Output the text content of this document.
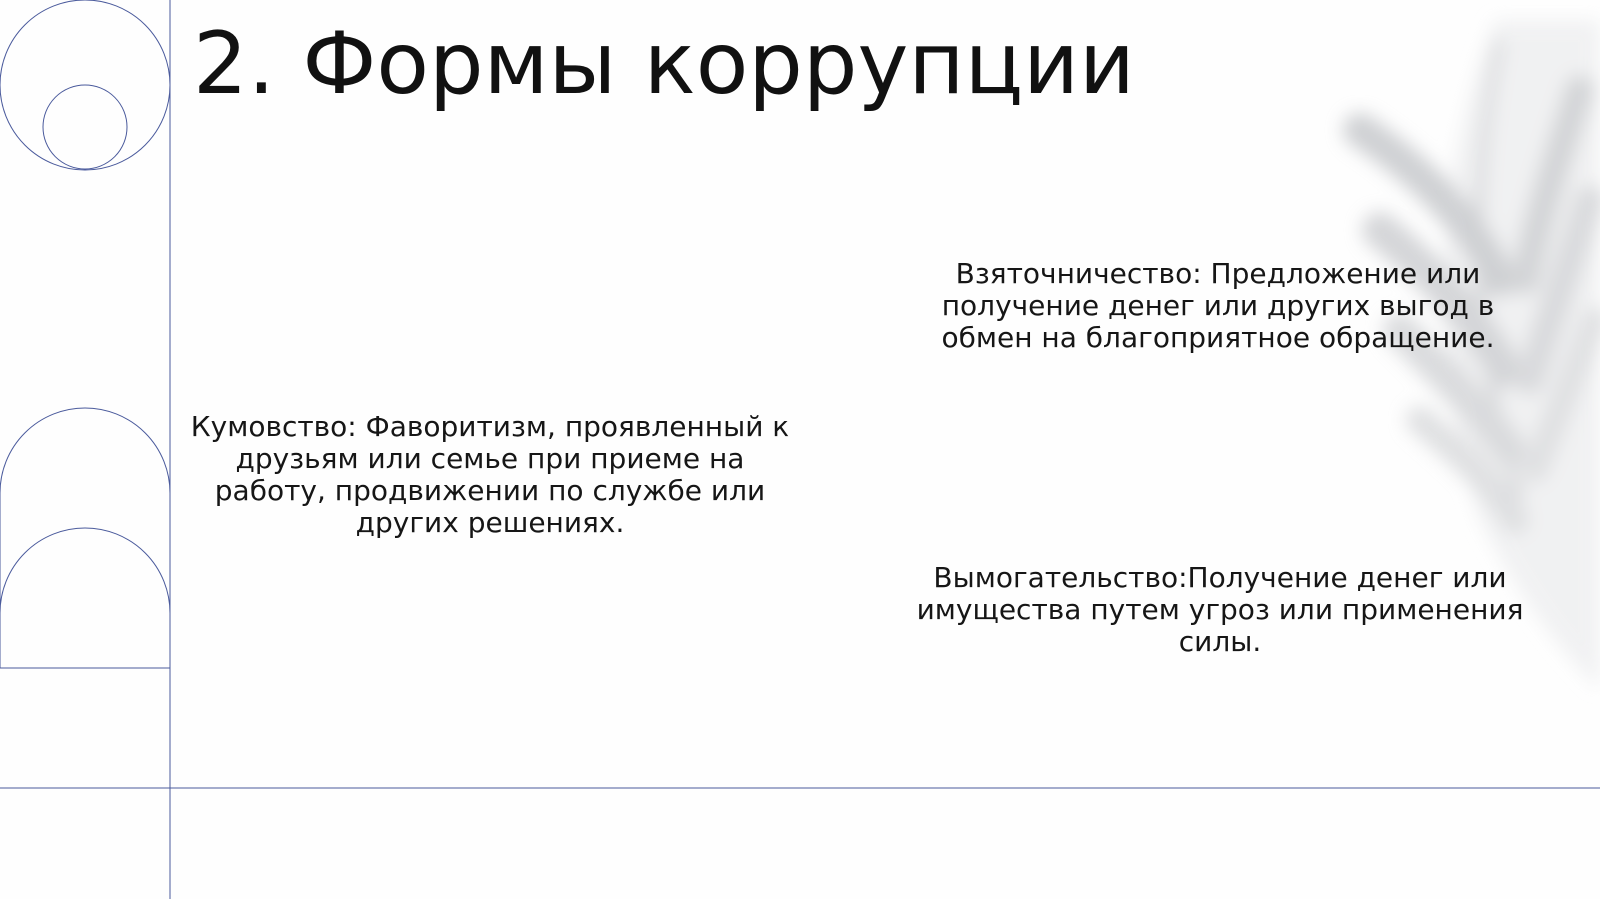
2. Формы коррупции

Взяточничество: Предложение или получение денег или других выгод в обмен на благоприятное обращение.

Кумовство: Фаворитизм, проявленный к друзьям или семье при приеме на работу, продвижении по службе или других решениях.

Вымогательство:Получение денег или имущества путем угроз или применения силы.
